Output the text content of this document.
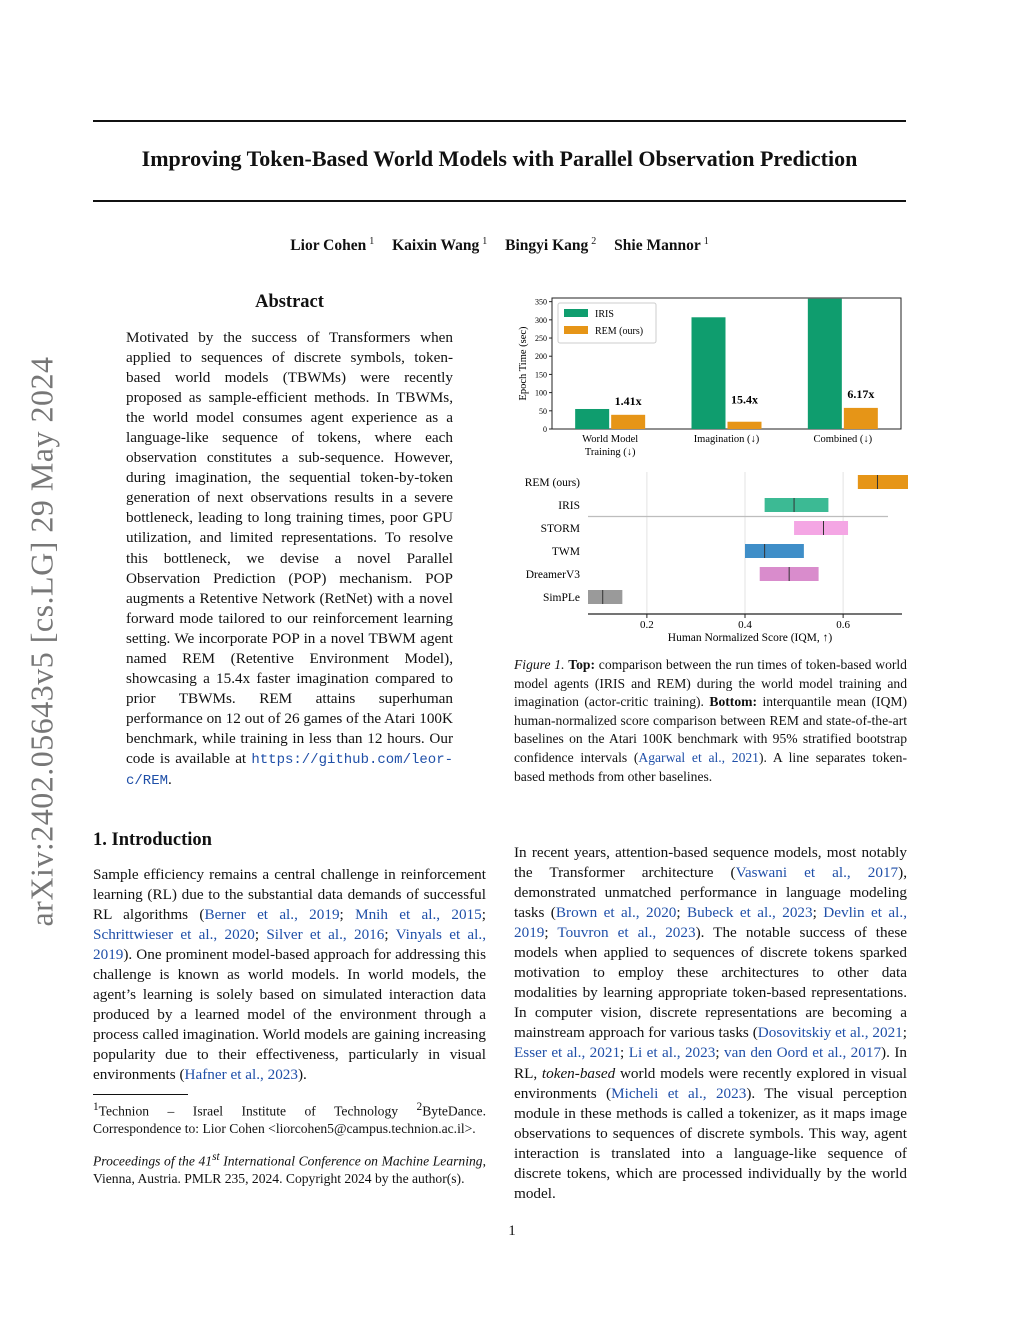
Improving Token-Based World Models with Parallel Observation Prediction
Lior Cohen $^1$ Kaixin Wang $^1$ Bingyi Kang $^2$ Shie Mannor $^1$
arXiv:2402.05643v5 [cs.LG] 29 May 2024
Abstract
Motivated by the success of Transformers when applied to sequences of discrete symbols, token-based world models (TBWMs) were recently proposed as sample-efficient methods. In TBWMs, the world model consumes agent experience as a language-like sequence of tokens, where each observation constitutes a sub-sequence. However, during imagination, the sequential token-by-token generation of next observations results in a severe bottleneck, leading to long training times, poor GPU utilization, and limited representations. To resolve this bottleneck, we devise a novel Parallel Observation Prediction (POP) mechanism. POP augments a Retentive Network (RetNet) with a novel forward mode tailored to our reinforcement learning setting. We incorporate POP in a novel TBWM agent named REM (Retentive Environment Model), showcasing a 15.4x faster imagination compared to prior TBWMs. REM attains superhuman performance on 12 out of 26 games of the Atari 100K benchmark, while training in less than 12 hours. Our code is available at https://github.com/leor-c/REM.
0
50
100
150
200
250
300
350
Epoch Time (sec)
1.41x
World Model
Training (↓)
15.4x
Imagination (↓)
6.17x
Combined (↓)
IRIS
REM (ours)
0.2	0.4	0.6
Human Normalized Score (IQM, ↑)
REM (ours)
IRIS
STORM
TWM
DreamerV3
SimPLe
Figure 1. Top: comparison between the run times of token-based world model agents (IRIS and REM) during the world model training and imagination (actor-critic training). Bottom: interquantile mean (IQM) human-normalized score comparison between REM and state-of-the-art baselines on the Atari 100K benchmark with 95% stratified bootstrap confidence intervals (Agarwal et al., 2021). A line separates token-based methods from other baselines.
1. Introduction
Sample efficiency remains a central challenge in reinforcement learning (RL) due to the substantial data demands of successful RL algorithms (Berner et al., 2019; Mnih et al., 2015; Schrittwieser et al., 2020; Silver et al., 2016; Vinyals et al., 2019). One prominent model-based approach for addressing this challenge is known as world models. In world models, the agent’s learning is solely based on simulated interaction data produced by a learned model of the environment through a process called imagination. World models are gaining increasing popularity due to their effectiveness, particularly in visual environments (Hafner et al., 2023).
In recent years, attention-based sequence models, most notably the Transformer architecture (Vaswani et al., 2017), demonstrated unmatched performance in language modeling tasks (Brown et al., 2020; Bubeck et al., 2023; Devlin et al., 2019; Touvron et al., 2023). The notable success of these models when applied to sequences of discrete tokens sparked motivation to employ these architectures to other data modalities by learning appropriate token-based representations. In computer vision, discrete representations are becoming a mainstream approach for various tasks (Dosovitskiy et al., 2021; Esser et al., 2021; Li et al., 2023; van den Oord et al., 2017). In RL, token-based world models were recently explored in visual environments (Micheli et al., 2023). The visual perception module in these methods is called a tokenizer, as it maps image observations to sequences of discrete symbols. This way, agent interaction is translated into a language-like sequence of discrete tokens, which are processed individually by the world model.
$^1$Technion – Israel Institute of Technology $^2$ByteDance. Correspondence to: Lior Cohen <liorcohen5@campus.technion.ac.il>.
Proceedings of the 41st International Conference on Machine Learning, Vienna, Austria. PMLR 235, 2024. Copyright 2024 by the author(s).
1
